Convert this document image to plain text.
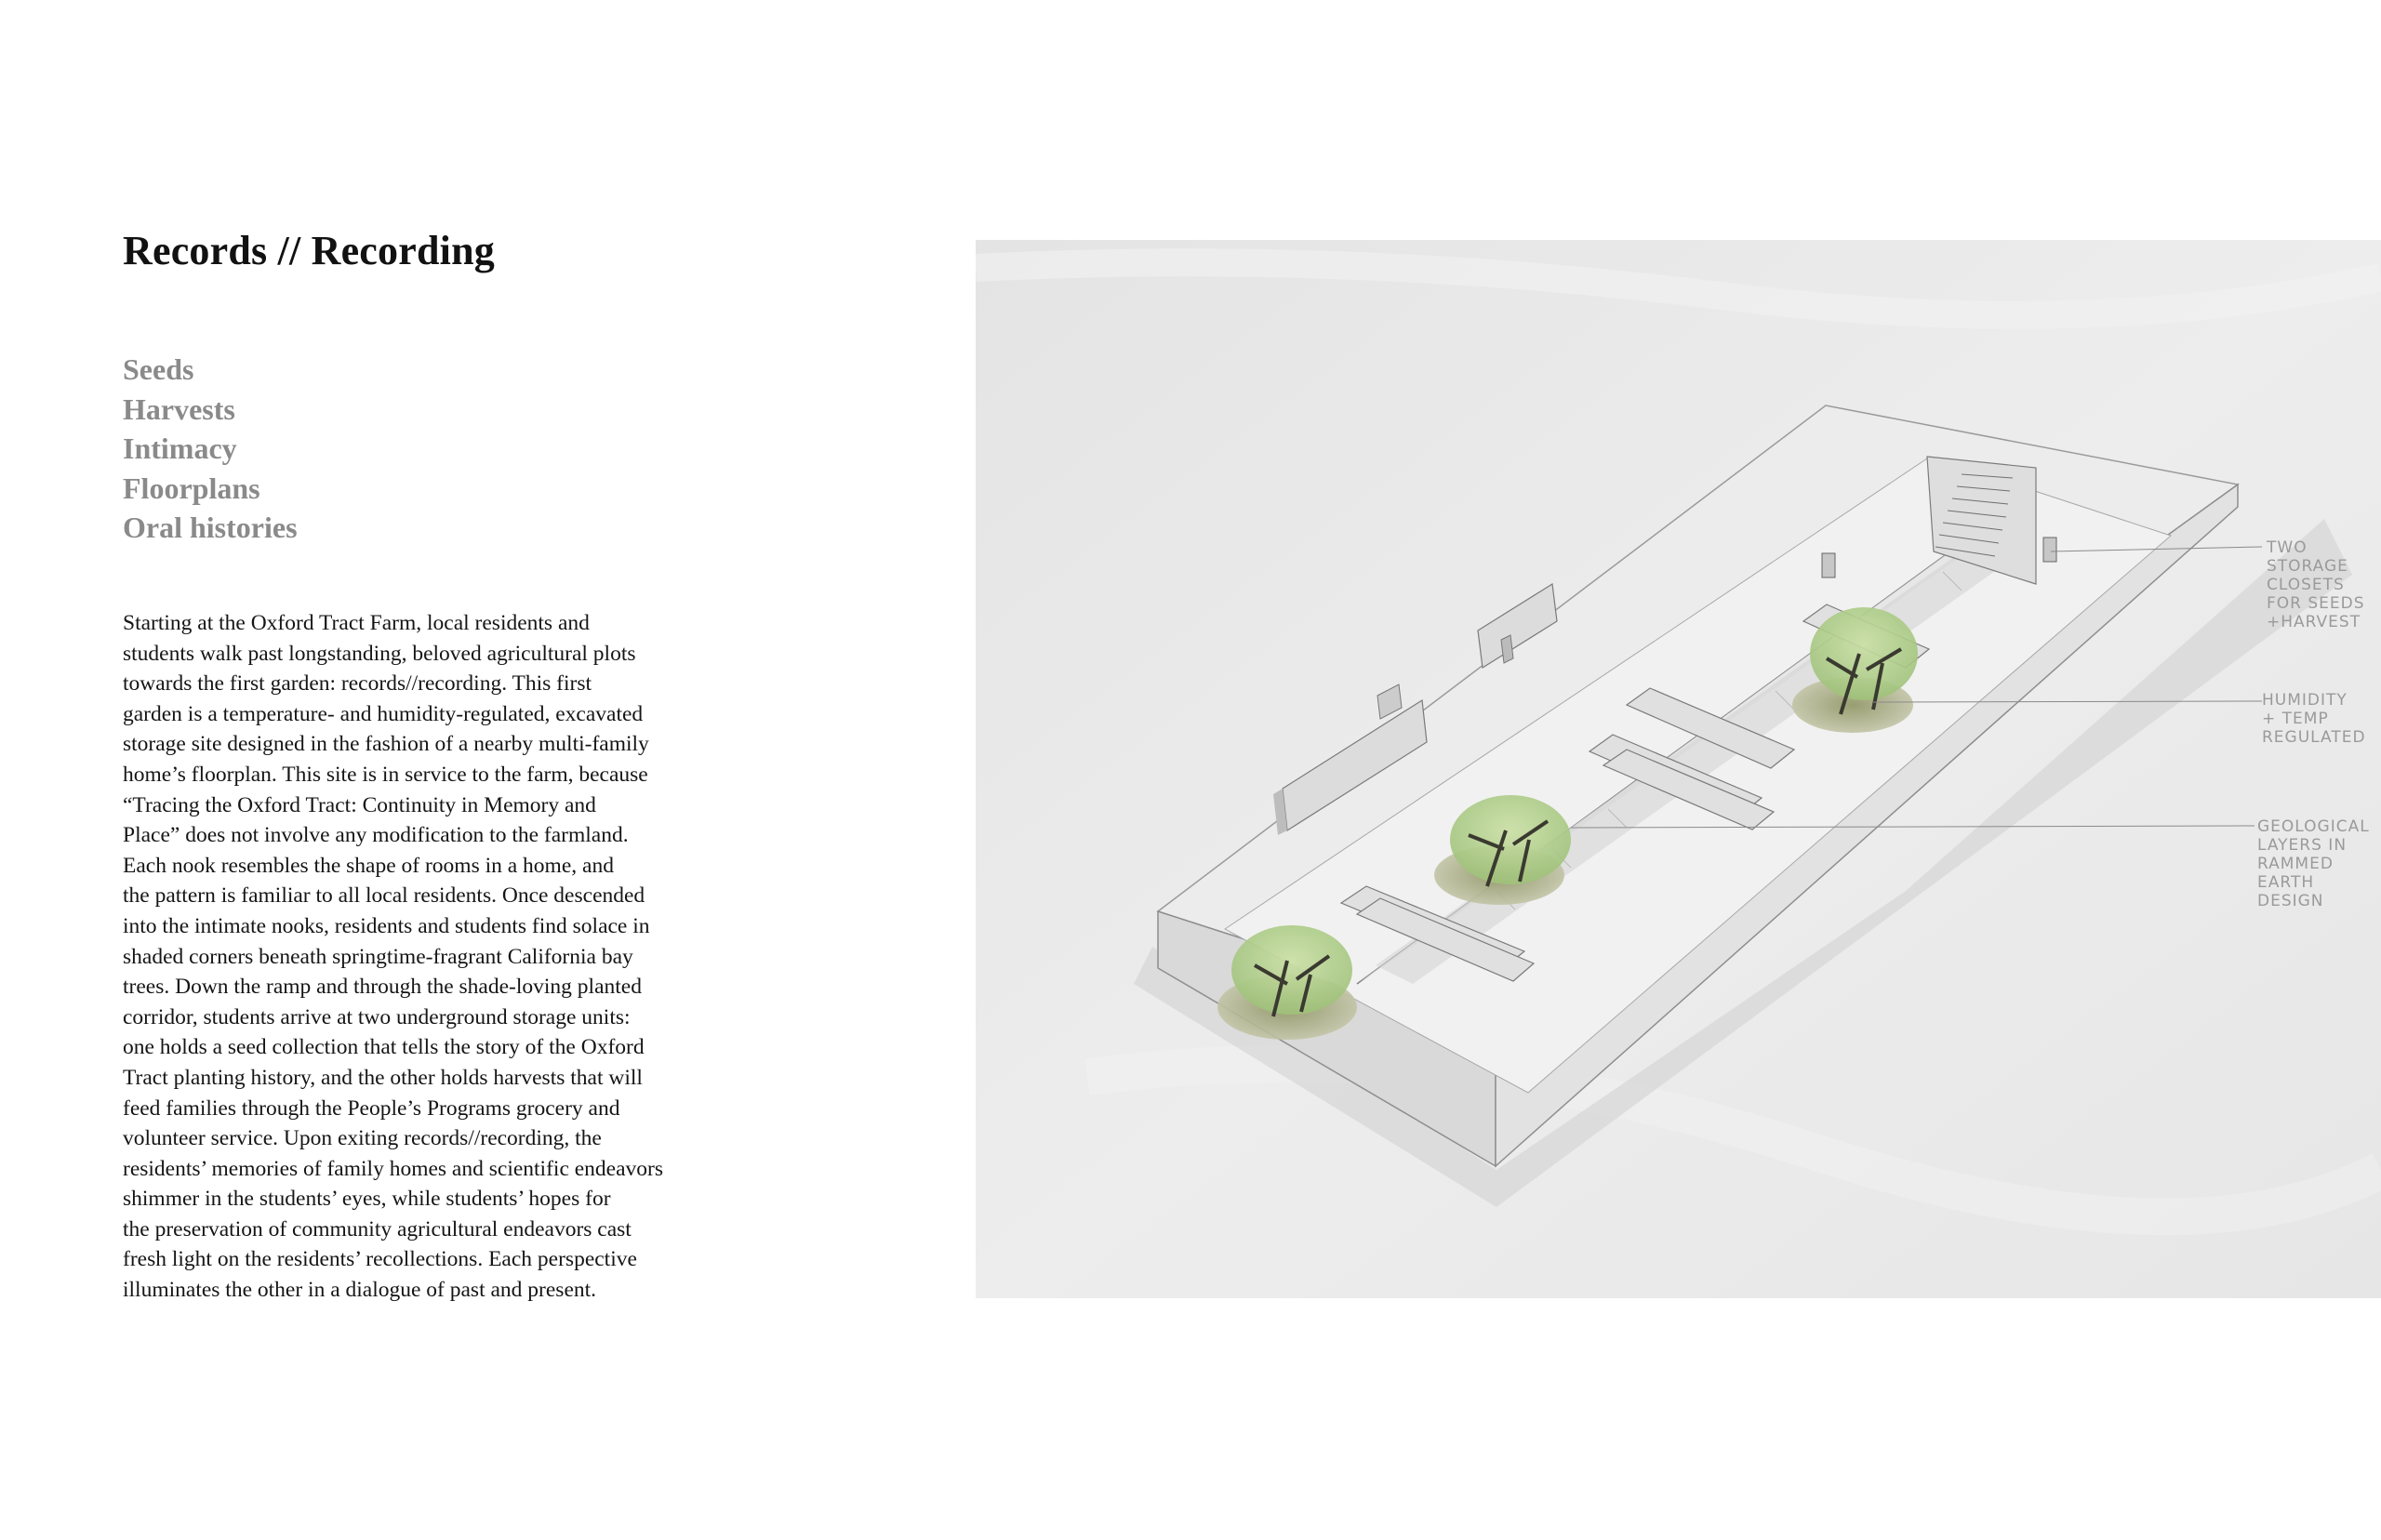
Records // Recording
Seeds
Harvests
Intimacy
Floorplans
Oral histories
Starting at the Oxford Tract Farm, local residents and
students walk past longstanding, beloved agricultural plots
towards the first garden: records//recording. This first
garden is a temperature- and humidity-regulated, excavated
storage site designed in the fashion of a nearby multi-family
home’s floorplan. This site is in service to the farm, because
“Tracing the Oxford Tract: Continuity in Memory and
Place” does not involve any modification to the farmland.
Each nook resembles the shape of rooms in a home, and
the pattern is familiar to all local residents. Once descended
into the intimate nooks, residents and students find solace in
shaded corners beneath springtime-fragrant California bay
trees. Down the ramp and through the shade-loving planted
corridor, students arrive at two underground storage units:
one holds a seed collection that tells the story of the Oxford
Tract planting history, and the other holds harvests that will
feed families through the People’s Programs grocery and
volunteer service. Upon exiting records//recording, the
residents’ memories of family homes and scientific endeavors
shimmer in the students’ eyes, while students’ hopes for
the preservation of community agricultural endeavors cast
fresh light on the residents’ recollections. Each perspective
illuminates the other in a dialogue of past and present.
TWO STORAGE CLOSETS FOR SEEDS +HARVEST
HUMIDITY + TEMP REGULATED
GEOLOGICAL LAYERS IN RAMMED EARTH DESIGN
